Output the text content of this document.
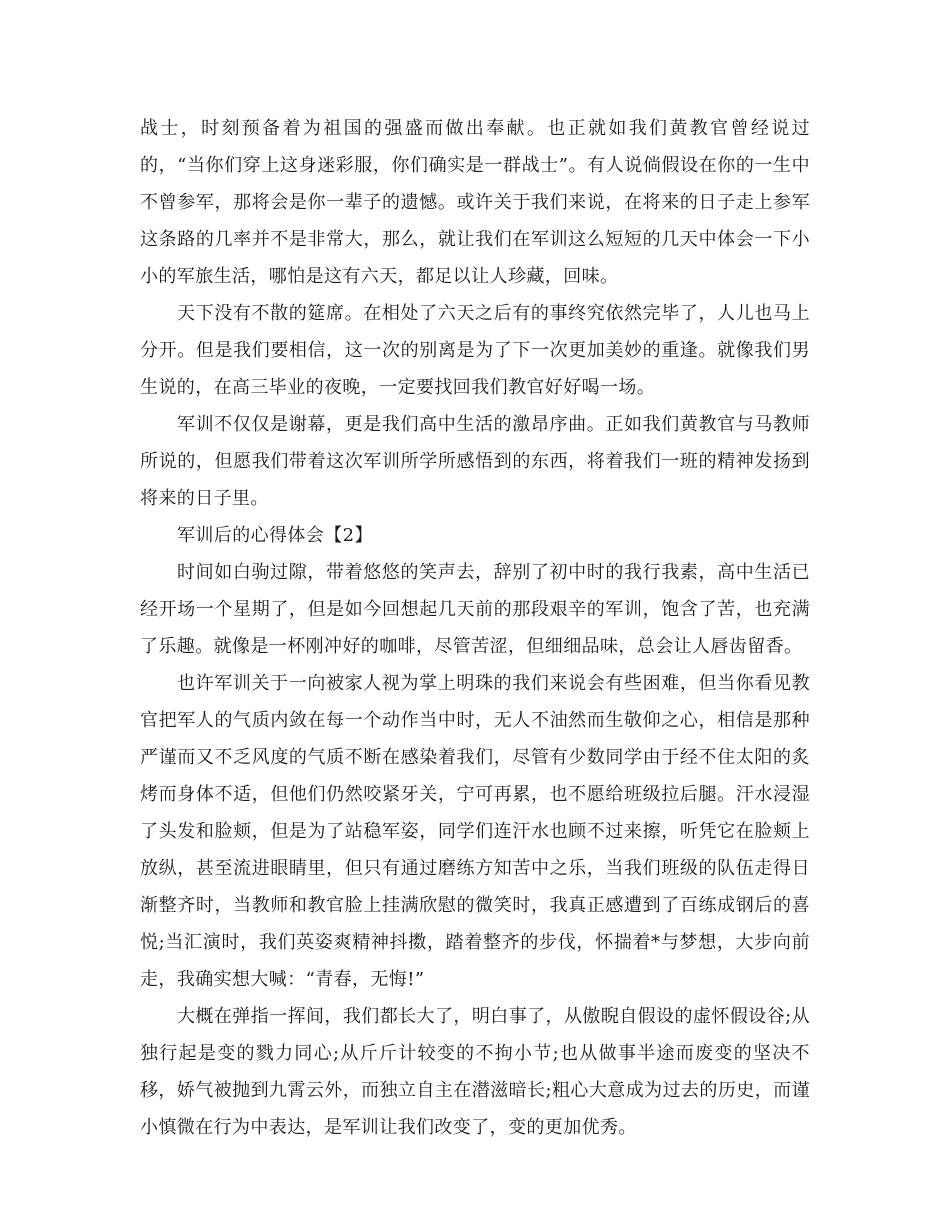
战士，时刻预备着为祖国的强盛而做出奉献。也正就如我们黄教官曾经说过的，“当你们穿上这身迷彩服，你们确实是一群战士”。有人说倘假设在你的一生中不曾参军，那将会是你一辈子的遗憾。或许关于我们来说，在将来的日子走上参军这条路的几率并不是非常大，那么，就让我们在军训这么短短的几天中体会一下小小的军旅生活，哪怕是这有六天，都足以让人珍藏，回味。

天下没有不散的筵席。在相处了六天之后有的事终究依然完毕了，人儿也马上分开。但是我们要相信，这一次的别离是为了下一次更加美妙的重逢。就像我们男生说的，在高三毕业的夜晚，一定要找回我们教官好好喝一场。

军训不仅仅是谢幕，更是我们高中生活的激昂序曲。正如我们黄教官与马教师所说的，但愿我们带着这次军训所学所感悟到的东西，将着我们一班的精神发扬到将来的日子里。

军训后的心得体会【2】

时间如白驹过隙，带着悠悠的笑声去，辞别了初中时的我行我素，高中生活已经开场一个星期了，但是如今回想起几天前的那段艰辛的军训，饱含了苦，也充满了乐趣。就像是一杯刚冲好的咖啡，尽管苦涩，但细细品味，总会让人唇齿留香。

也许军训关于一向被家人视为掌上明珠的我们来说会有些困难，但当你看见教官把军人的气质内敛在每一个动作当中时，无人不油然而生敬仰之心，相信是那种严谨而又不乏风度的气质不断在感染着我们，尽管有少数同学由于经不住太阳的炙烤而身体不适，但他们仍然咬紧牙关，宁可再累，也不愿给班级拉后腿。汗水浸湿了头发和脸颊，但是为了站稳军姿，同学们连汗水也顾不过来擦，听凭它在脸颊上放纵，甚至流进眼睛里，但只有通过磨练方知苦中之乐，当我们班级的队伍走得日渐整齐时，当教师和教官脸上挂满欣慰的微笑时，我真正感遭到了百练成钢后的喜悦;当汇演时，我们英姿爽精神抖擞，踏着整齐的步伐，怀揣着*与梦想，大步向前走，我确实想大喊：“青春，无悔!”

大概在弹指一挥间，我们都长大了，明白事了，从傲睨自假设的虚怀假设谷;从独行起是变的戮力同心;从斤斤计较变的不拘小节;也从做事半途而废变的坚决不移，娇气被抛到九霄云外，而独立自主在潜滋暗长;粗心大意成为过去的历史，而谨小慎微在行为中表达，是军训让我们改变了，变的更加优秀。
